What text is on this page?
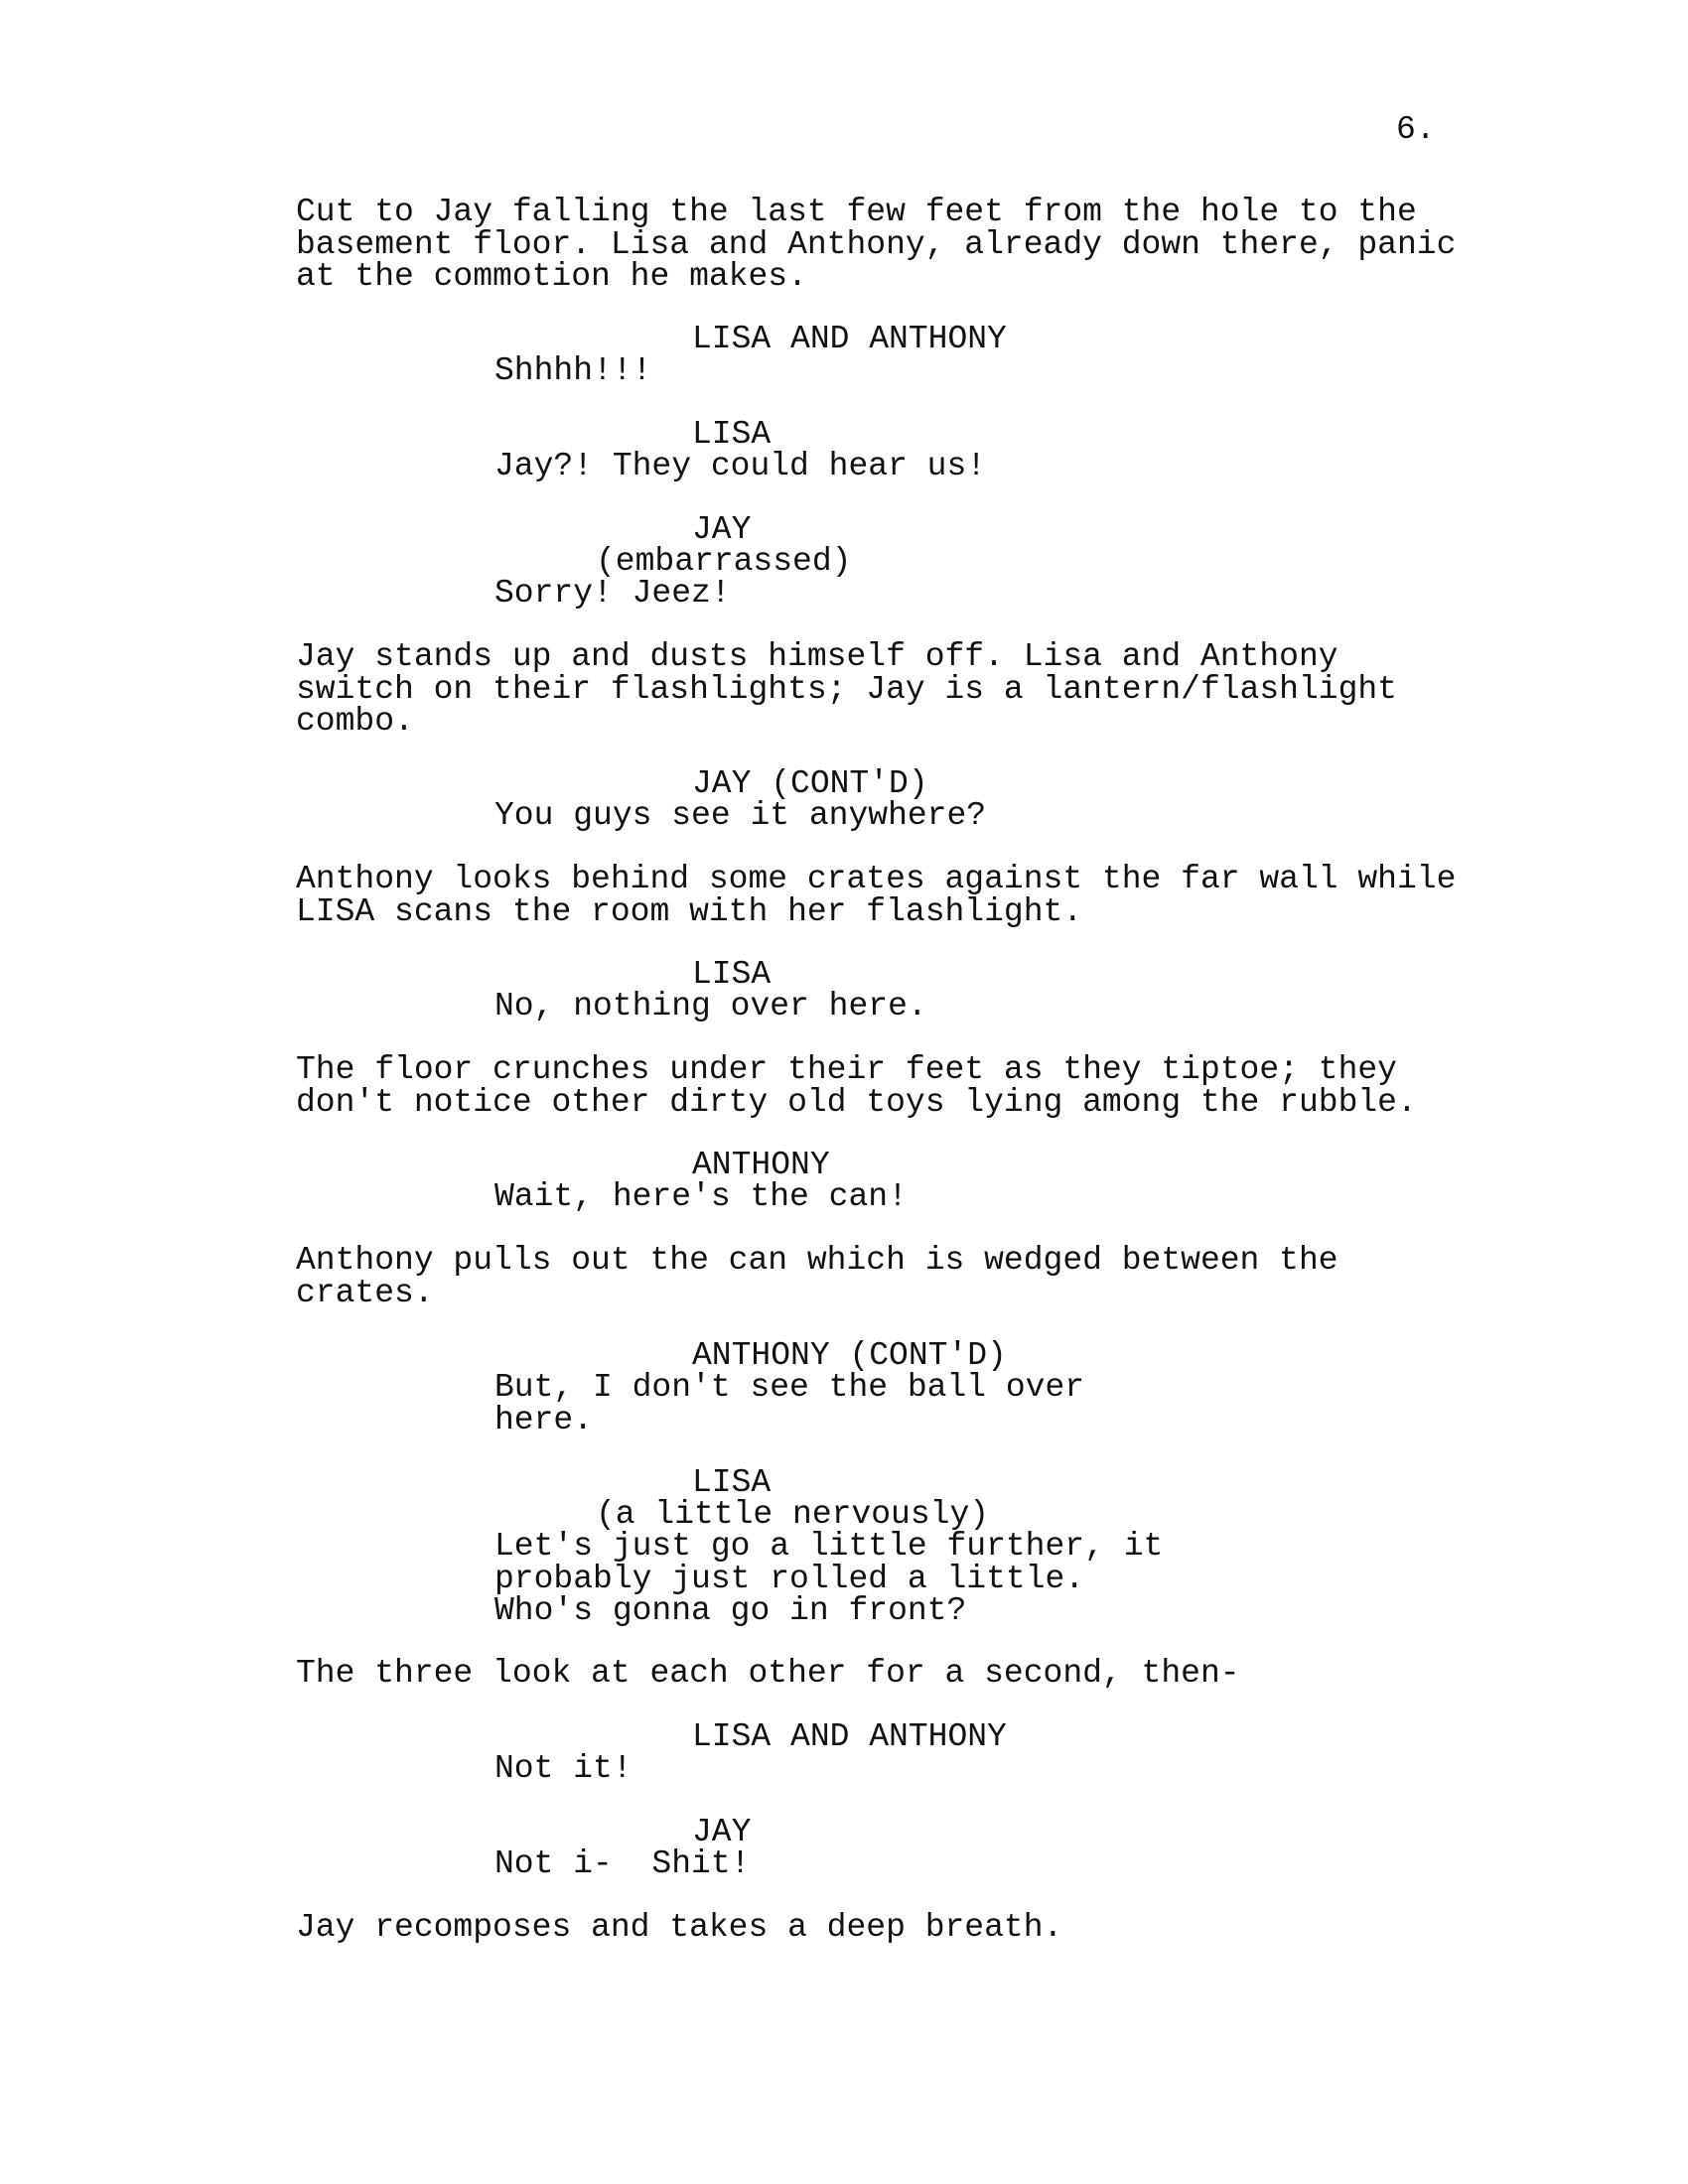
6.
Cut to Jay falling the last few feet from the hole to the
basement floor. Lisa and Anthony, already down there, panic
at the commotion he makes.
LISA AND ANTHONY
Shhhh!!!
LISA
Jay?! They could hear us!
JAY
(embarrassed)
Sorry! Jeez!
Jay stands up and dusts himself off. Lisa and Anthony
switch on their flashlights; Jay is a lantern/flashlight
combo.
JAY (CONT'D)
You guys see it anywhere?
Anthony looks behind some crates against the far wall while
LISA scans the room with her flashlight.
LISA
No, nothing over here.
The floor crunches under their feet as they tiptoe; they
don't notice other dirty old toys lying among the rubble.
ANTHONY
Wait, here's the can!
Anthony pulls out the can which is wedged between the
crates.
ANTHONY (CONT'D)
But, I don't see the ball over
here.
LISA
(a little nervously)
Let's just go a little further, it
probably just rolled a little.
Who's gonna go in front?
The three look at each other for a second, then-
LISA AND ANTHONY
Not it!
JAY
Not i-  Shit!
Jay recomposes and takes a deep breath.
